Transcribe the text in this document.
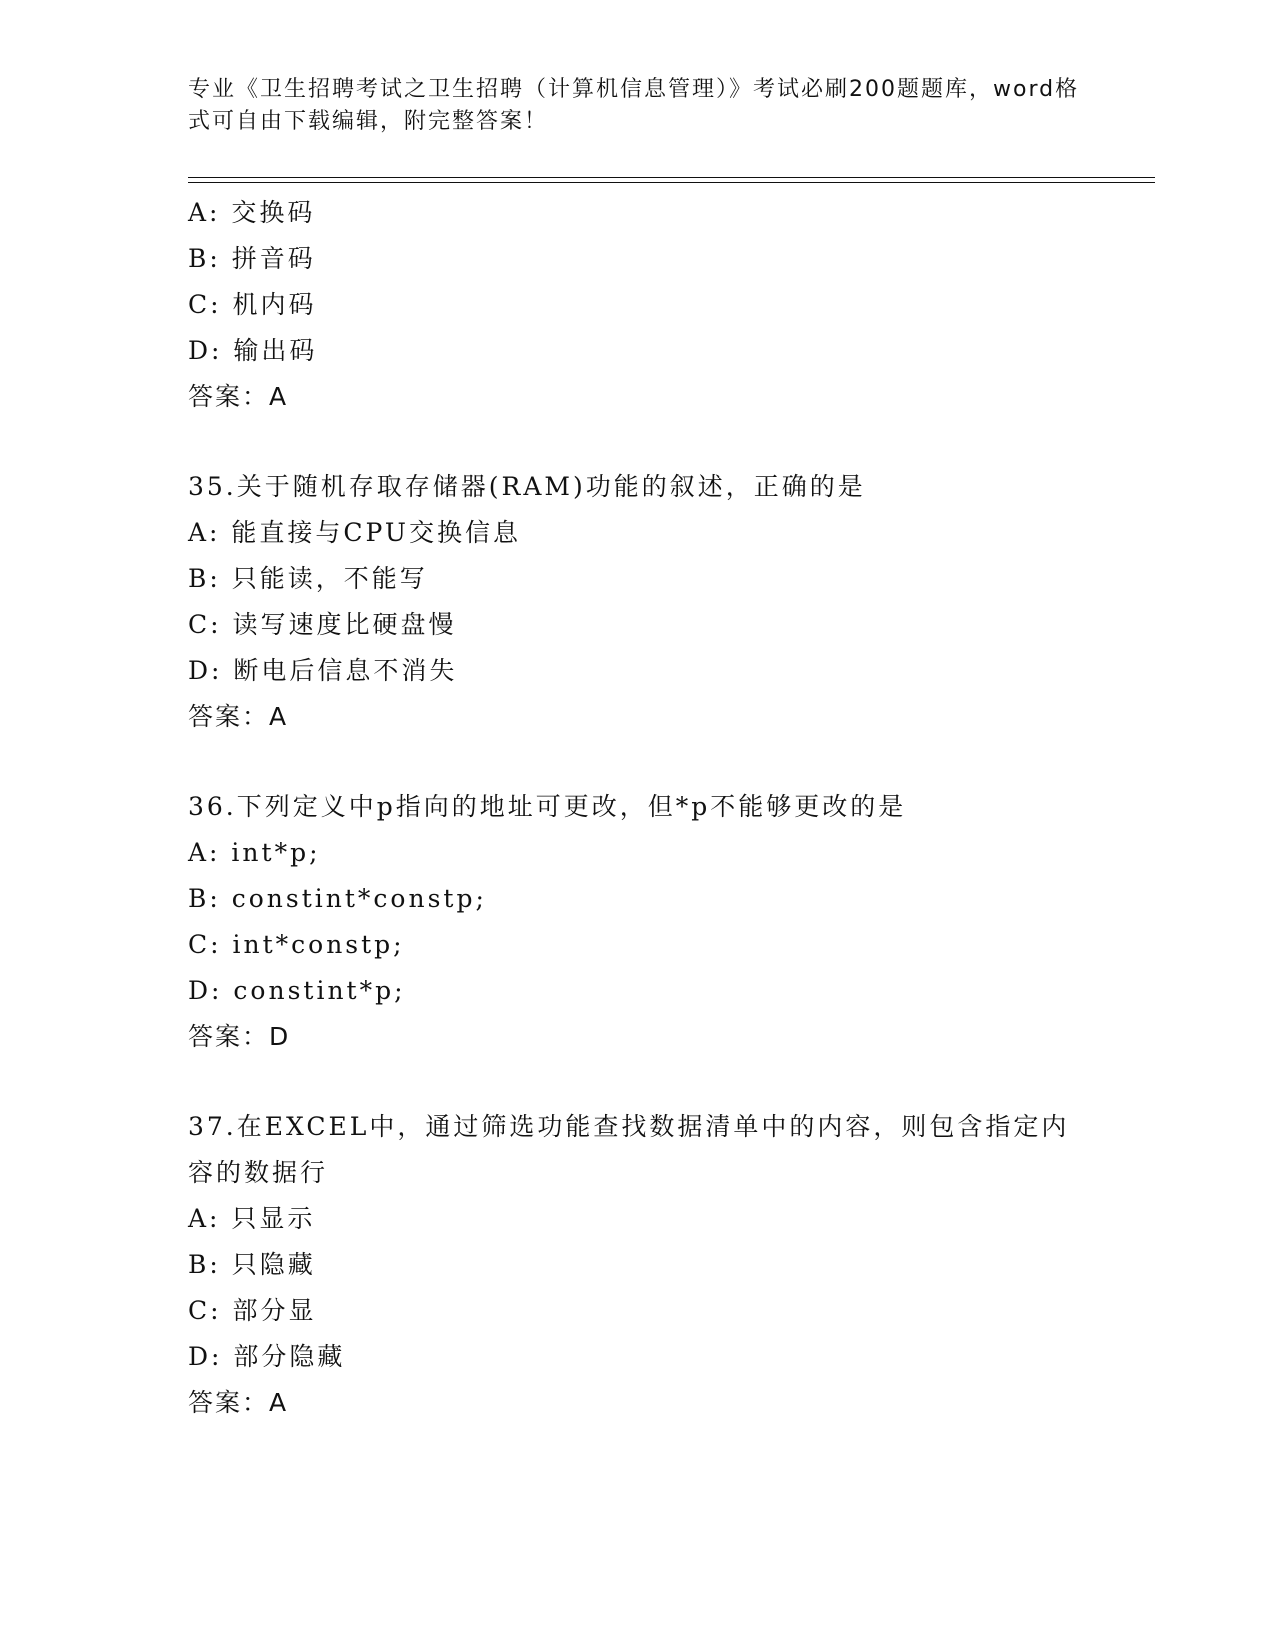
专业《卫生招聘考试之卫生招聘（计算机信息管理）》考试必刷200题题库，word格式可自由下载编辑，附完整答案！
A: 交换码
B: 拼音码
C: 机内码
D: 输出码
答案：A
35.关于随机存取存储器(RAM)功能的叙述，正确的是
A: 能直接与CPU交换信息
B: 只能读，不能写
C: 读写速度比硬盘慢
D: 断电后信息不消失
答案：A
36.下列定义中p指向的地址可更改，但*p不能够更改的是
A: int*p;
B: constint*constp;
C: int*constp;
D: constint*p;
答案：D
37.在EXCEL中，通过筛选功能查找数据清单中的内容，则包含指定内容的数据行
A: 只显示
B: 只隐藏
C: 部分显
D: 部分隐藏
答案：A
